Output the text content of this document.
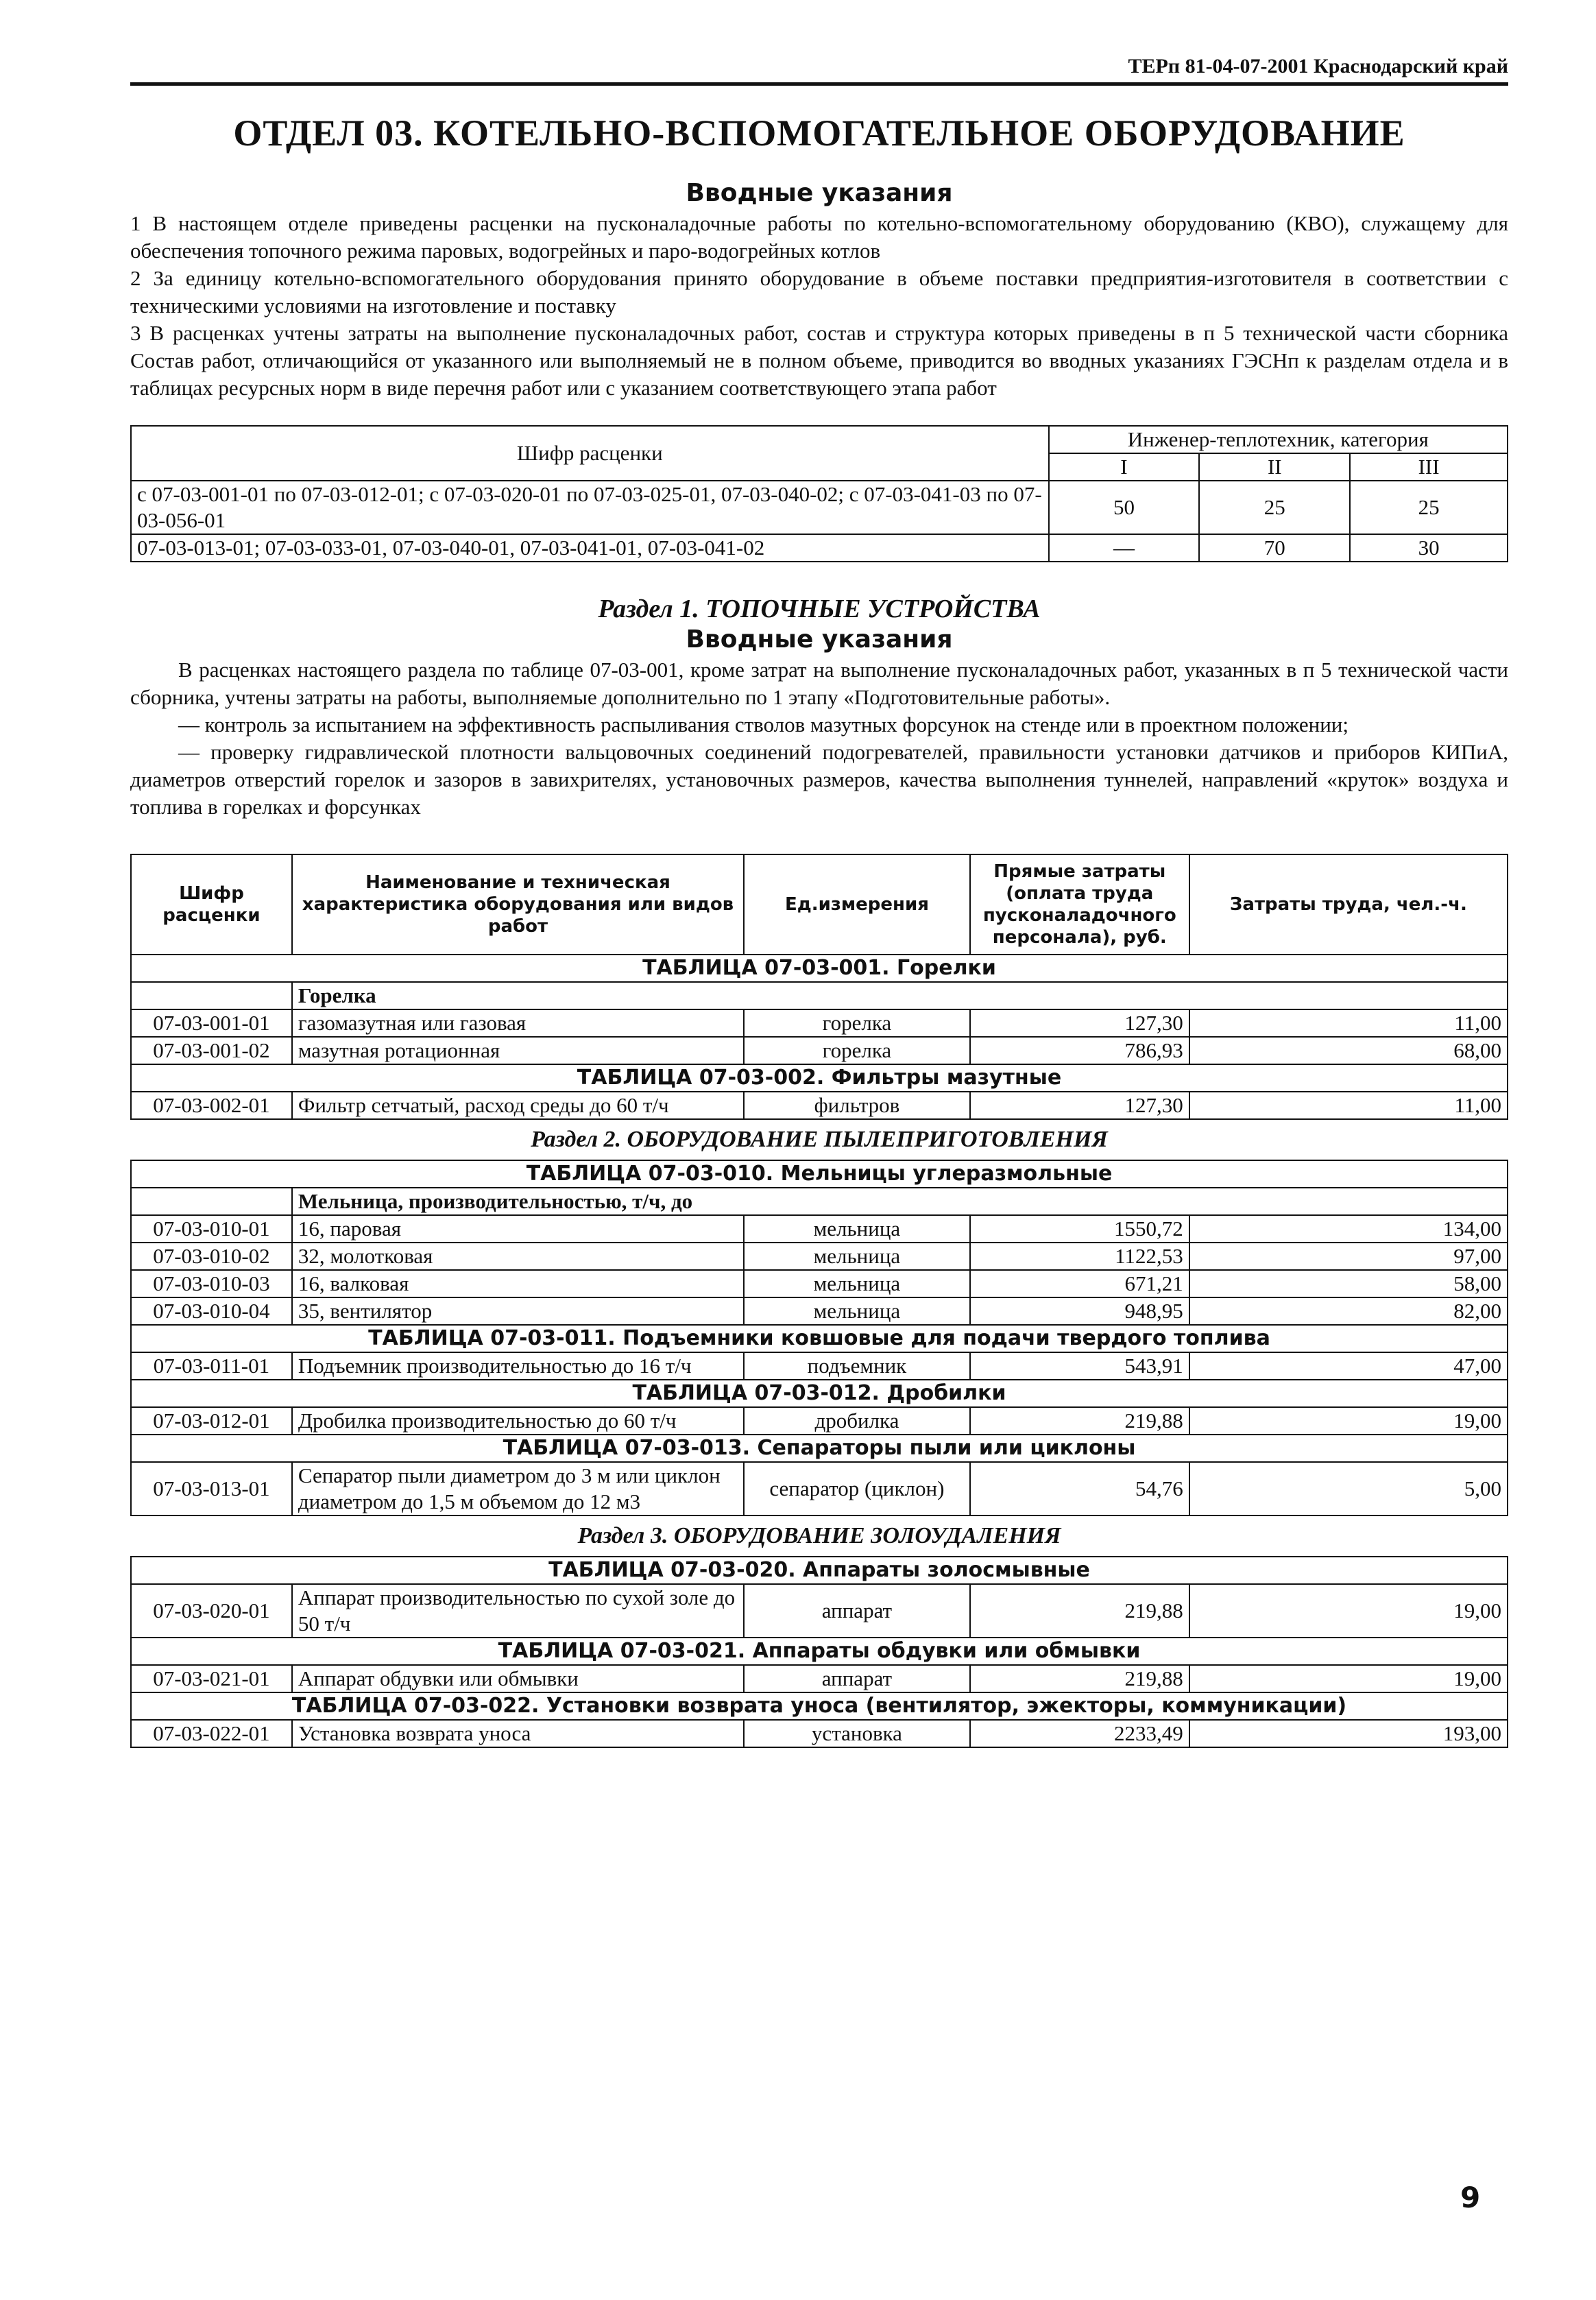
ТЕРп 81-04-07-2001 Краснодарский край
ОТДЕЛ 03. КОТЕЛЬНО-ВСПОМОГАТЕЛЬНОЕ ОБОРУДОВАНИЕ
Вводные указания

1 В настоящем отделе приведены расценки на пусконаладочные работы по котельно-вспомогательному оборудованию (КВО), служащему для обеспечения топочного режима паровых, водогрейных и паро-водогрейных котлов

2 За единицу котельно-вспомогательного оборудования принято оборудование в объеме поставки предприятия-изготовителя в соответствии с техническими условиями на изготовление и поставку

3 В расценках учтены затраты на выполнение пусконаладочных работ, состав и структура которых приведены в п 5 технической части сборника Состав работ, отличающийся от указанного или выполняемый не в полном объеме, приводится во вводных указаниях ГЭСНп к разделам отдела и в таблицах ресурсных норм в виде перечня работ или с указанием соответствующего этапа работ

Шифр расценки	Инженер-теплотехник, категория		
	I	II	III
с 07-03-001-01 по 07-03-012-01; с 07-03-020-01 по 07-03-025-01, 07-03-040-02; с 07-03-041-03 по 07-03-056-01	50	25	25
07-03-013-01; 07-03-033-01, 07-03-040-01, 07-03-041-01, 07-03-041-02	—	70	30
Раздел 1. ТОПОЧНЫЕ УСТРОЙСТВА
Вводные указания

В расценках настоящего раздела по таблице 07-03-001, кроме затрат на выполнение пусконаладочных работ, указанных в п 5 технической части сборника, учтены затраты на работы, выполняемые дополнительно по 1 этапу «Подготовительные работы».

— контроль за испытанием на эффективность распыливания стволов мазутных форсунок на стенде или в проектном положении;

— проверку гидравлической плотности вальцовочных соединений подогревателей, правильности установки датчиков и приборов КИПиА, диаметров отверстий горелок и зазоров в завихрителях, установочных размеров, качества выполнения туннелей, направлений «круток» воздуха и топлива в горелках и форсунках

Шифр расценки	Наименование и техническая характеристика оборудования или видов работ	Ед.измерения	Прямые затраты (оплата труда пусконаладочного персонала), руб.	Затраты труда, чел.-ч.
ТАБЛИЦА 07-03-001. Горелки				
	Горелка			
07-03-001-01	газомазутная или газовая	горелка	127,30	11,00
07-03-001-02	мазутная ротационная	горелка	786,93	68,00
ТАБЛИЦА 07-03-002. Фильтры мазутные				
07-03-002-01	Фильтр сетчатый, расход среды до 60 т/ч	фильтров	127,30	11,00
Раздел 2. ОБОРУДОВАНИЕ ПЫЛЕПРИГОТОВЛЕНИЯ				
ТАБЛИЦА 07-03-010. Мельницы углеразмольные				
	Мельница, производительностью, т/ч, до			
07-03-010-01	16, паровая	мельница	1550,72	134,00
07-03-010-02	32, молотковая	мельница	1122,53	97,00
07-03-010-03	16, валковая	мельница	671,21	58,00
07-03-010-04	35, вентилятор	мельница	948,95	82,00
ТАБЛИЦА 07-03-011. Подъемники ковшовые для подачи твердого топлива				
07-03-011-01	Подъемник производительностью до 16 т/ч	подъемник	543,91	47,00
ТАБЛИЦА 07-03-012. Дробилки				
07-03-012-01	Дробилка производительностью до 60 т/ч	дробилка	219,88	19,00
ТАБЛИЦА 07-03-013. Сепараторы пыли или циклоны				
07-03-013-01	Сепаратор пыли диаметром до 3 м или циклон диаметром до 1,5 м объемом до 12 м3	сепаратор (циклон)	54,76	5,00
Раздел 3. ОБОРУДОВАНИЕ ЗОЛОУДАЛЕНИЯ				
ТАБЛИЦА 07-03-020. Аппараты золосмывные				
07-03-020-01	Аппарат производительностью по сухой золе до 50 т/ч	аппарат	219,88	19,00
ТАБЛИЦА 07-03-021. Аппараты обдувки или обмывки				
07-03-021-01	Аппарат обдувки или обмывки	аппарат	219,88	19,00
ТАБЛИЦА 07-03-022. Установки возврата уноса (вентилятор, эжекторы, коммуникации)				
07-03-022-01	Установка возврата уноса	установка	2233,49	193,00
9
